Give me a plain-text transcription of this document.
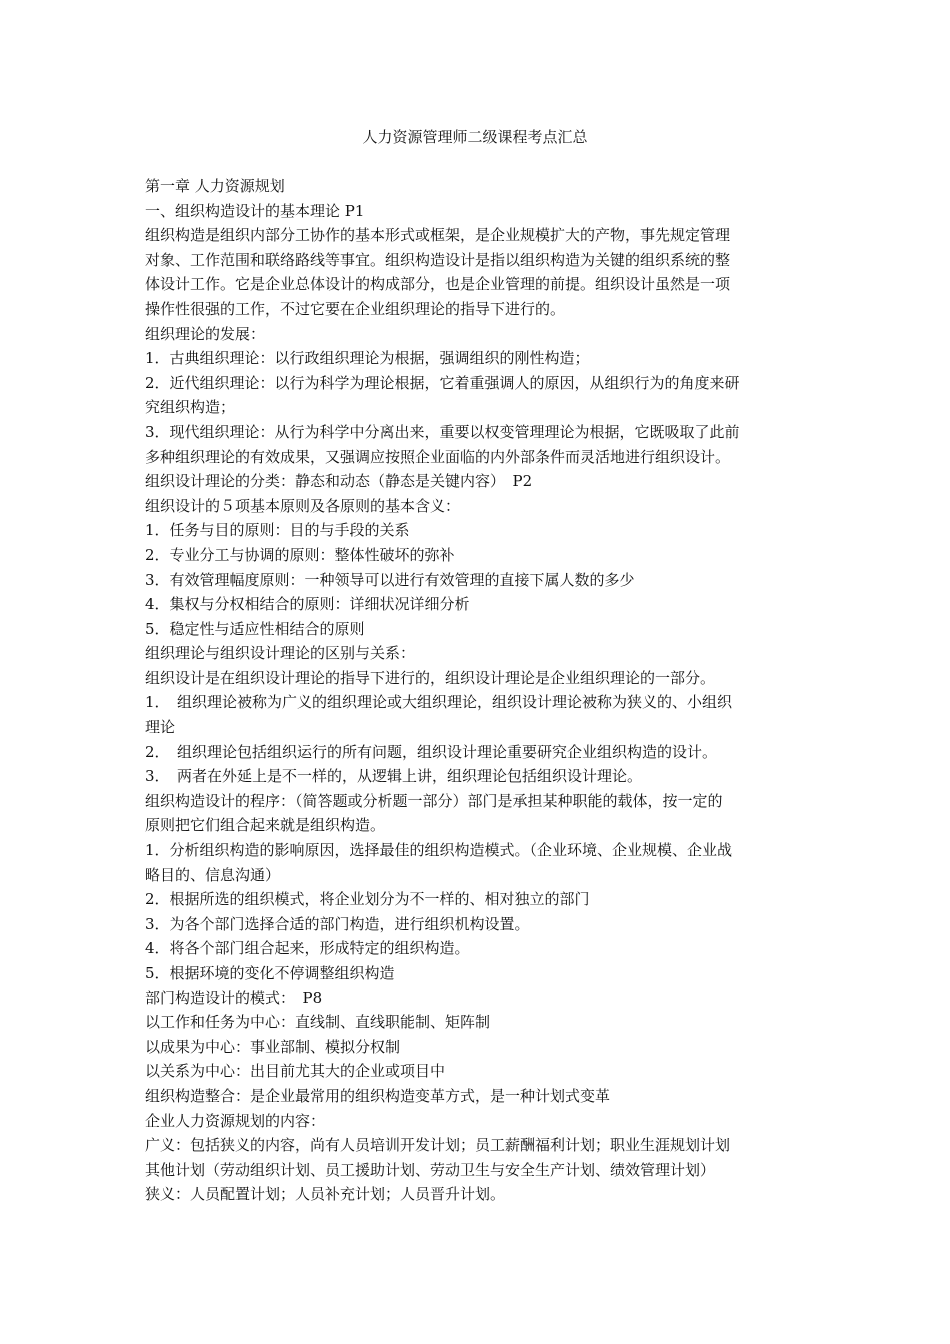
人力资源管理师二级课程考点汇总
第一章 人力资源规划
一、组织构造设计的基本理论 P1
组织构造是组织内部分工协作的基本形式或框架，是企业规模扩大的产物，事先规定管理
对象、工作范围和联络路线等事宜。组织构造设计是指以组织构造为关键的组织系统的整
体设计工作。它是企业总体设计的构成部分，也是企业管理的前提。组织设计虽然是一项
操作性很强的工作，不过它要在企业组织理论的指导下进行的。
组织理论的发展：
1．古典组织理论：以行政组织理论为根据，强调组织的刚性构造；
2．近代组织理论：以行为科学为理论根据，它着重强调人的原因，从组织行为的角度来研
究组织构造；
3．现代组织理论：从行为科学中分离出来，重要以权变管理理论为根据，它既吸取了此前
多种组织理论的有效成果，又强调应按照企业面临的内外部条件而灵活地进行组织设计。
组织设计理论的分类：静态和动态（静态是关键内容）　P2
组织设计的５项基本原则及各原则的基本含义：
1．任务与目的原则：目的与手段的关系
2．专业分工与协调的原则：整体性破坏的弥补
3．有效管理幅度原则：一种领导可以进行有效管理的直接下属人数的多少
4．集权与分权相结合的原则：详细状况详细分析
5．稳定性与适应性相结合的原则
组织理论与组织设计理论的区别与关系：
组织设计是在组织设计理论的指导下进行的，组织设计理论是企业组织理论的一部分。
1．　组织理论被称为广义的组织理论或大组织理论，组织设计理论被称为狭义的、小组织
理论
2．　组织理论包括组织运行的所有问题，组织设计理论重要研究企业组织构造的设计。
3．　两者在外延上是不一样的，从逻辑上讲，组织理论包括组织设计理论。
组织构造设计的程序：（简答题或分析题一部分）部门是承担某种职能的载体，按一定的
原则把它们组合起来就是组织构造。
1．分析组织构造的影响原因，选择最佳的组织构造模式。（企业环境、企业规模、企业战
略目的、信息沟通）
2．根据所选的组织模式，将企业划分为不一样的、相对独立的部门
3．为各个部门选择合适的部门构造，进行组织机构设置。
4．将各个部门组合起来，形成特定的组织构造。
5．根据环境的变化不停调整组织构造
部门构造设计的模式：　P8
以工作和任务为中心：直线制、直线职能制、矩阵制
以成果为中心：事业部制、模拟分权制
以关系为中心：出目前尤其大的企业或项目中
组织构造整合：是企业最常用的组织构造变革方式，是一种计划式变革
企业人力资源规划的内容：
广义：包括狭义的内容，尚有人员培训开发计划；员工薪酬福利计划；职业生涯规划计划
其他计划（劳动组织计划、员工援助计划、劳动卫生与安全生产计划、绩效管理计划）
狭义：人员配置计划；人员补充计划；人员晋升计划。
